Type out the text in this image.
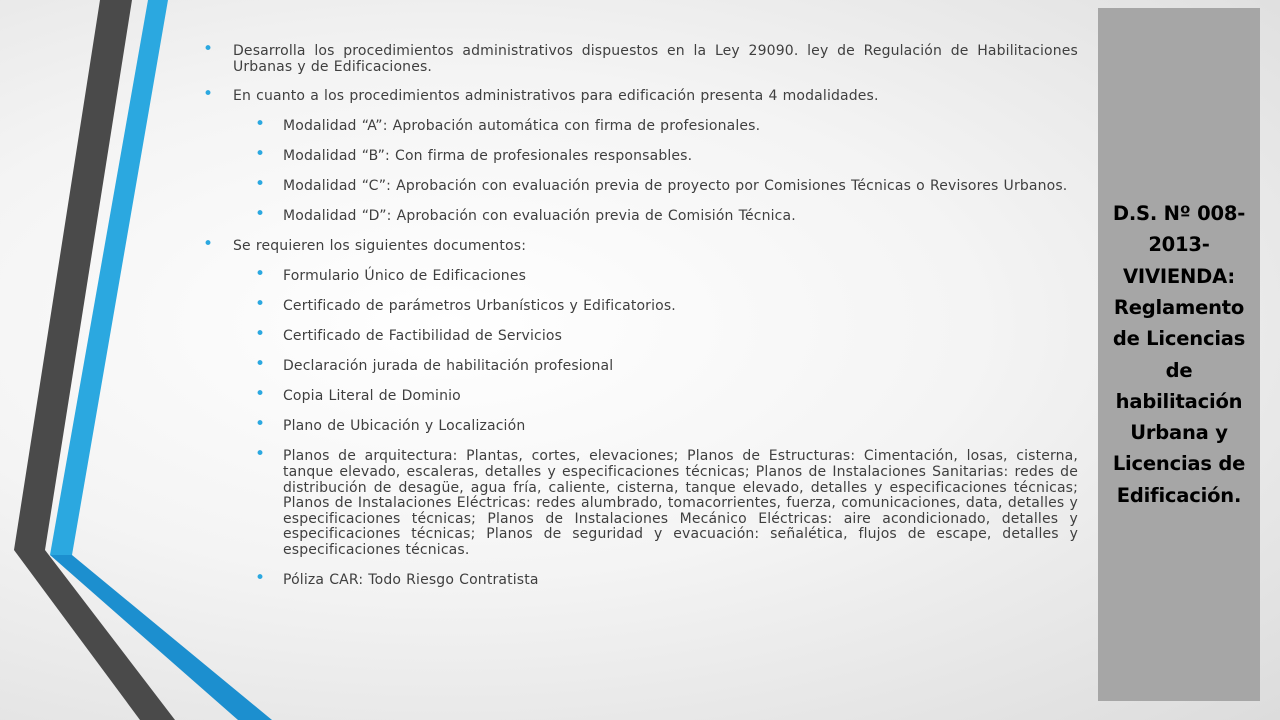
• Desarrolla los procedimientos administrativos dispuestos en la Ley 29090. ley de Regulación de Habilitaciones Urbanas y de Edificaciones.
• En cuanto a los procedimientos administrativos para edificación presenta 4 modalidades.
• Modalidad “A”: Aprobación automática con firma de profesionales.
• Modalidad “B”: Con firma de profesionales responsables.
• Modalidad “C”: Aprobación con evaluación previa de proyecto por Comisiones Técnicas o Revisores Urbanos.
• Modalidad “D”: Aprobación con evaluación previa de Comisión Técnica.
• Se requieren los siguientes documentos:
• Formulario Único de Edificaciones
• Certificado de parámetros Urbanísticos y Edificatorios.
• Certificado de Factibilidad de Servicios
• Declaración jurada de habilitación profesional
• Copia Literal de Dominio
• Plano de Ubicación y Localización
• Planos de arquitectura: Plantas, cortes, elevaciones; Planos de Estructuras: Cimentación, losas, cisterna, tanque elevado, escaleras, detalles y especificaciones técnicas; Planos de Instalaciones Sanitarias: redes de distribución de desagüe, agua fría, caliente, cisterna, tanque elevado, detalles y especificaciones técnicas; Planos de Instalaciones Eléctricas: redes alumbrado, tomacorrientes, fuerza, comunicaciones, data, detalles y especificaciones técnicas; Planos de Instalaciones Mecánico Eléctricas: aire acondicionado, detalles y especificaciones técnicas; Planos de seguridad y evacuación: señalética, flujos de escape, detalles y especificaciones técnicas.
• Póliza CAR: Todo Riesgo Contratista
D.S. Nº 008-2013-VIVIENDA: Reglamento de Licencias de habilitación Urbana y Licencias de Edificación.
